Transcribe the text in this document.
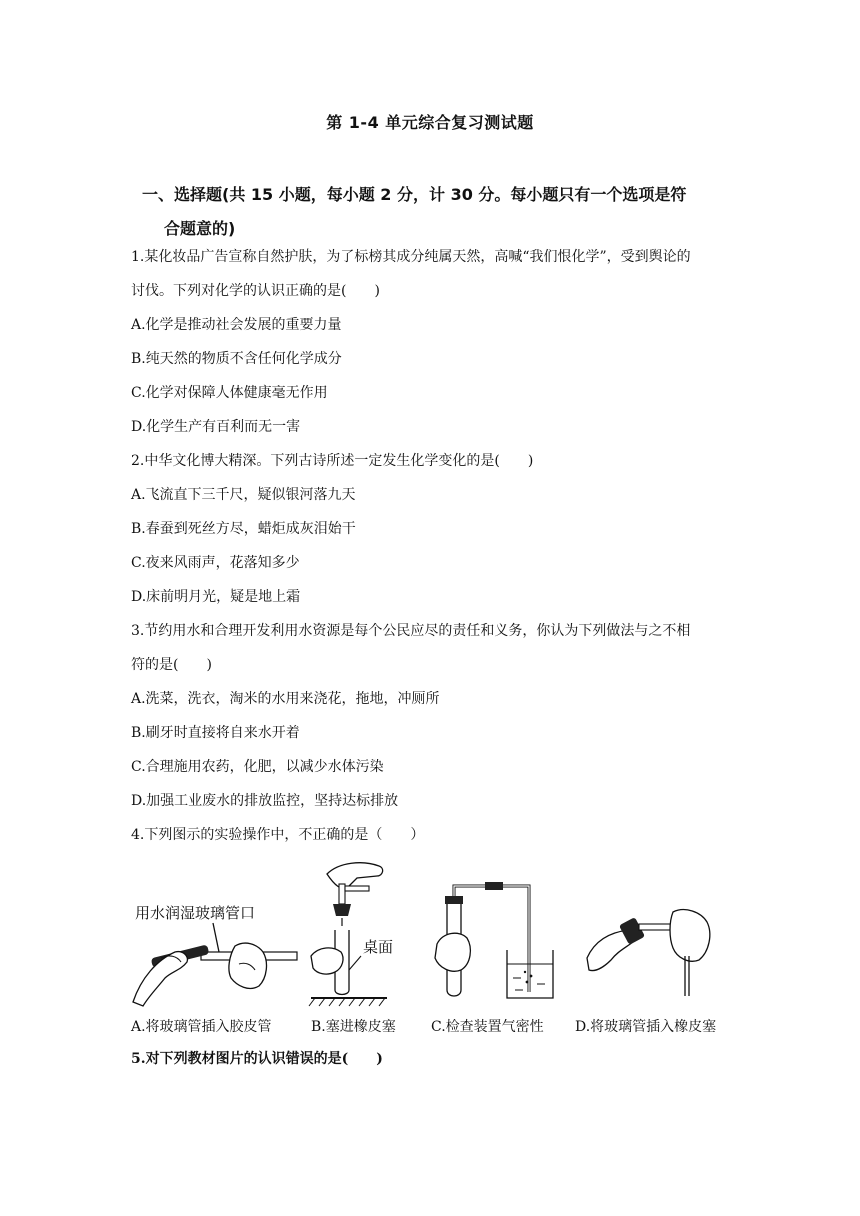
第 1-4 单元综合复习测试题
一、选择题(共 15 小题，每小题 2 分，计 30 分。每小题只有一个选项是符
合题意的)
1.某化妆品广告宣称自然护肤，为了标榜其成分纯属天然，高喊“我们恨化学”，受到舆论的
讨伐。下列对化学的认识正确的是(　　)
A.化学是推动社会发展的重要力量
B.纯天然的物质不含任何化学成分
C.化学对保障人体健康毫无作用
D.化学生产有百利而无一害
2.中华文化博大精深。下列古诗所述一定发生化学变化的是(　　)
A.飞流直下三千尺，疑似银河落九天
B.春蚕到死丝方尽，蜡炬成灰泪始干
C.夜来风雨声，花落知多少
D.床前明月光，疑是地上霜
3.节约用水和合理开发利用水资源是每个公民应尽的责任和义务，你认为下列做法与之不相
符的是(　　)
A.洗菜，洗衣，淘米的水用来浇花，拖地，冲厕所
B.刷牙时直接将自来水开着
C.合理施用农药，化肥，以减少水体污染
D.加强工业废水的排放监控，坚持达标排放
4.下列图示的实验操作中，不正确的是（　　）
用水润湿玻璃管口
桌面
A.将玻璃管插入胶皮管	B.塞进橡皮塞	C.检查装置气密性 D.将玻璃管插入橡皮塞
5.对下列教材图片的认识错误的是(　　)
